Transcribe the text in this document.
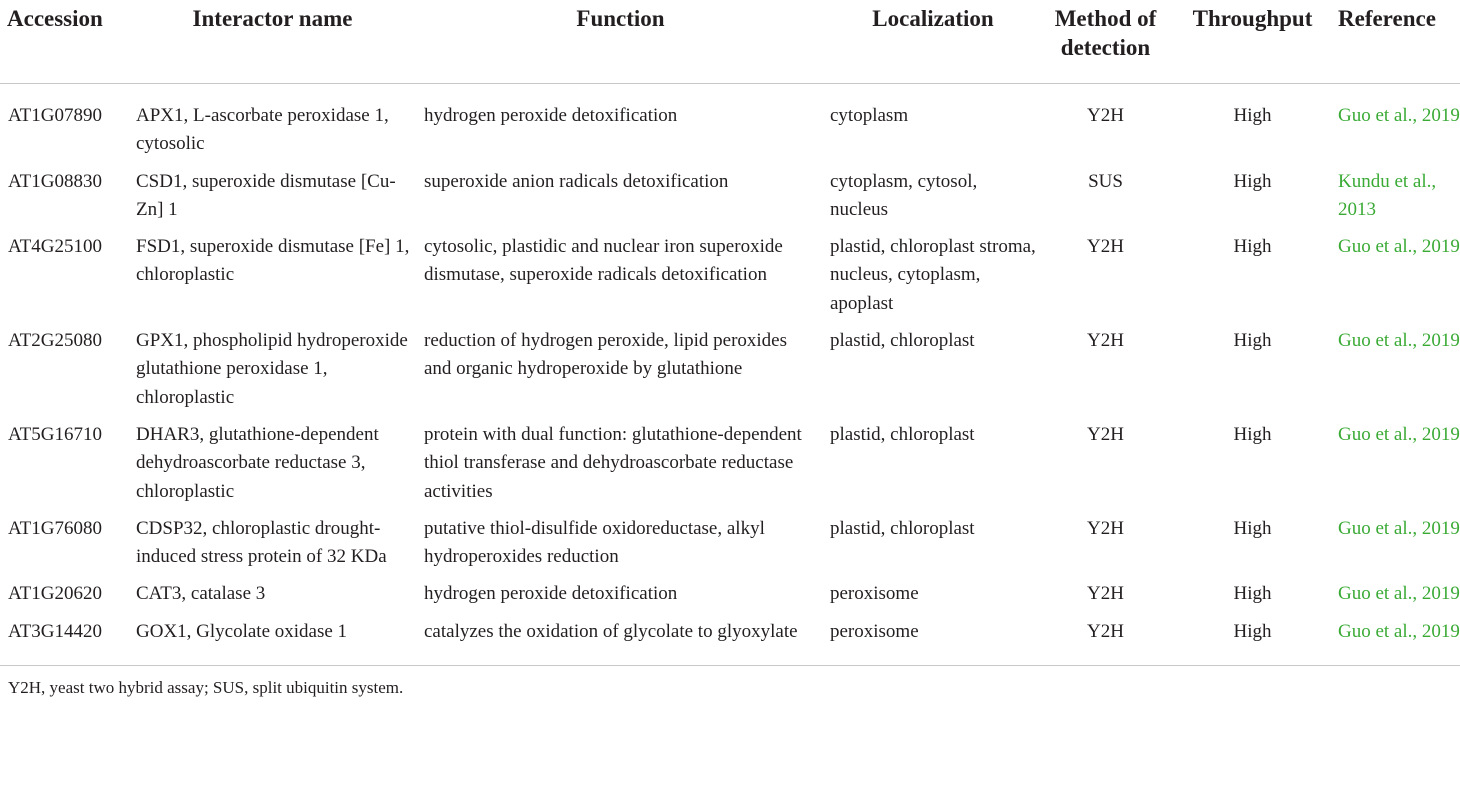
Accession	Interactor name	Function	Localization	Method of detection	Throughput	Reference
AT1G07890	APX1, L-ascorbate peroxidase 1, cytosolic	hydrogen peroxide detoxification	cytoplasm	Y2H	High	Guo et al., 2019
AT1G08830	CSD1, superoxide dismutase [Cu-Zn] 1	superoxide anion radicals detoxification	cytoplasm, cytosol, nucleus	SUS	High	Kundu et al., 2013
AT4G25100	FSD1, superoxide dismutase [Fe] 1, chloroplastic	cytosolic, plastidic and nuclear iron superoxide dismutase, superoxide radicals detoxification	plastid, chloroplast stroma, nucleus, cytoplasm, apoplast	Y2H	High	Guo et al., 2019
AT2G25080	GPX1, phospholipid hydroperoxide glutathione peroxidase 1, chloroplastic	reduction of hydrogen peroxide, lipid peroxides and organic hydroperoxide by glutathione	plastid, chloroplast	Y2H	High	Guo et al., 2019
AT5G16710	DHAR3, glutathione-dependent dehydroascorbate reductase 3, chloroplastic	protein with dual function: glutathione-dependent thiol transferase and dehydroascorbate reductase activities	plastid, chloroplast	Y2H	High	Guo et al., 2019
AT1G76080	CDSP32, chloroplastic drought-induced stress protein of 32 KDa	putative thiol-disulfide oxidoreductase, alkyl hydroperoxides reduction	plastid, chloroplast	Y2H	High	Guo et al., 2019
AT1G20620	CAT3, catalase 3	hydrogen peroxide detoxification	peroxisome	Y2H	High	Guo et al., 2019
AT3G14420	GOX1, Glycolate oxidase 1	catalyzes the oxidation of glycolate to glyoxylate	peroxisome	Y2H	High	Guo et al., 2019
Y2H, yeast two hybrid assay; SUS, split ubiquitin system.						
